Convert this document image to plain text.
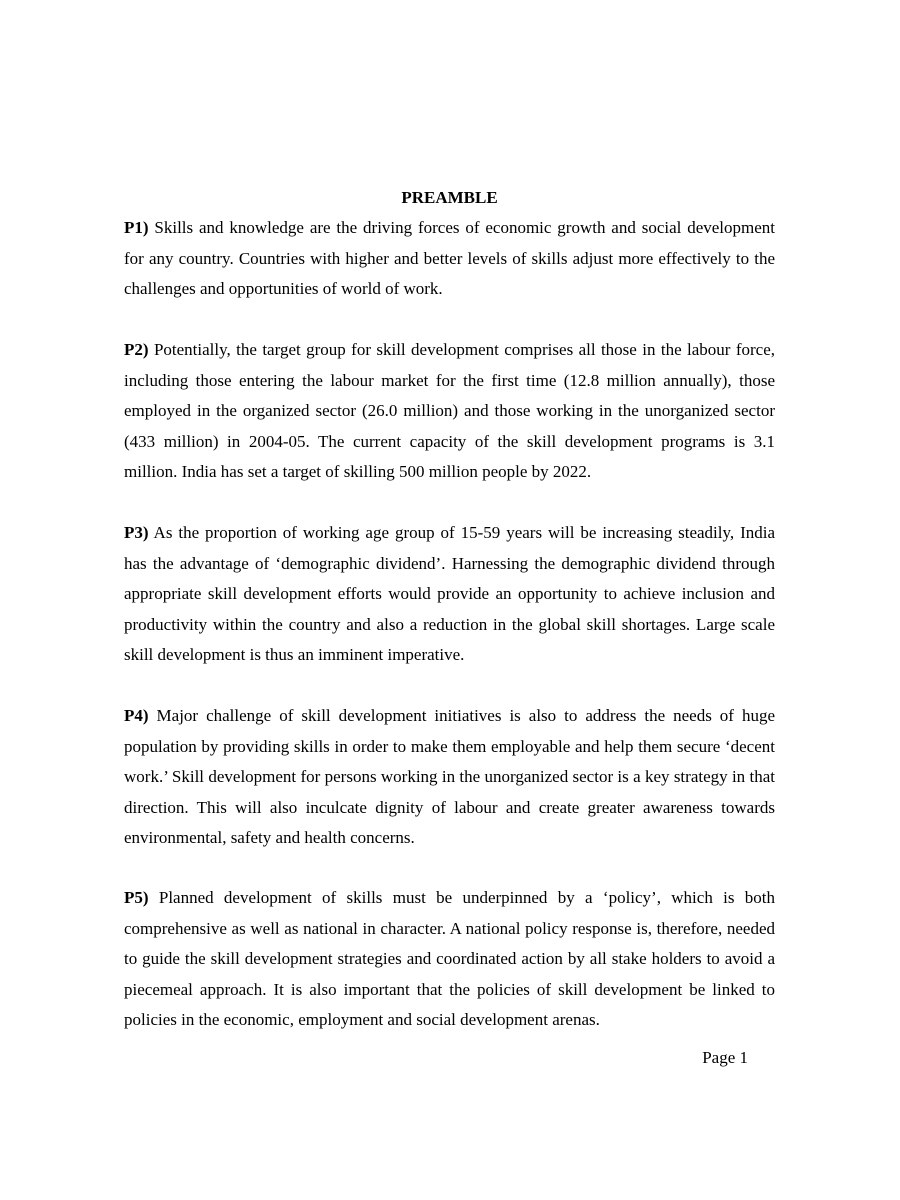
PREAMBLE

P1) Skills and knowledge are the driving forces of economic growth and social development for any country. Countries with higher and better levels of skills adjust more effectively to the challenges and opportunities of world of work.

P2) Potentially, the target group for skill development comprises all those in the labour force, including those entering the labour market for the first time (12.8 million annually), those employed in the organized sector (26.0 million) and those working in the unorganized sector (433 million) in 2004-05. The current capacity of the skill development programs is 3.1 million. India has set a target of skilling 500 million people by 2022.

P3) As the proportion of working age group of 15-59 years will be increasing steadily, India has the advantage of ‘demographic dividend’. Harnessing the demographic dividend through appropriate skill development efforts would provide an opportunity to achieve inclusion and productivity within the country and also a reduction in the global skill shortages. Large scale skill development is thus an imminent imperative.

P4) Major challenge of skill development initiatives is also to address the needs of huge population by providing skills in order to make them employable and help them secure ‘decent work.’ Skill development for persons working in the unorganized sector is a key strategy in that direction. This will also inculcate dignity of labour and create greater awareness towards environmental, safety and health concerns.

P5) Planned development of skills must be underpinned by a ‘policy’, which is both comprehensive as well as national in character. A national policy response is, therefore, needed to guide the skill development strategies and coordinated action by all stake holders to avoid a piecemeal approach. It is also important that the policies of skill development be linked to policies in the economic, employment and social development arenas.

Page 1
